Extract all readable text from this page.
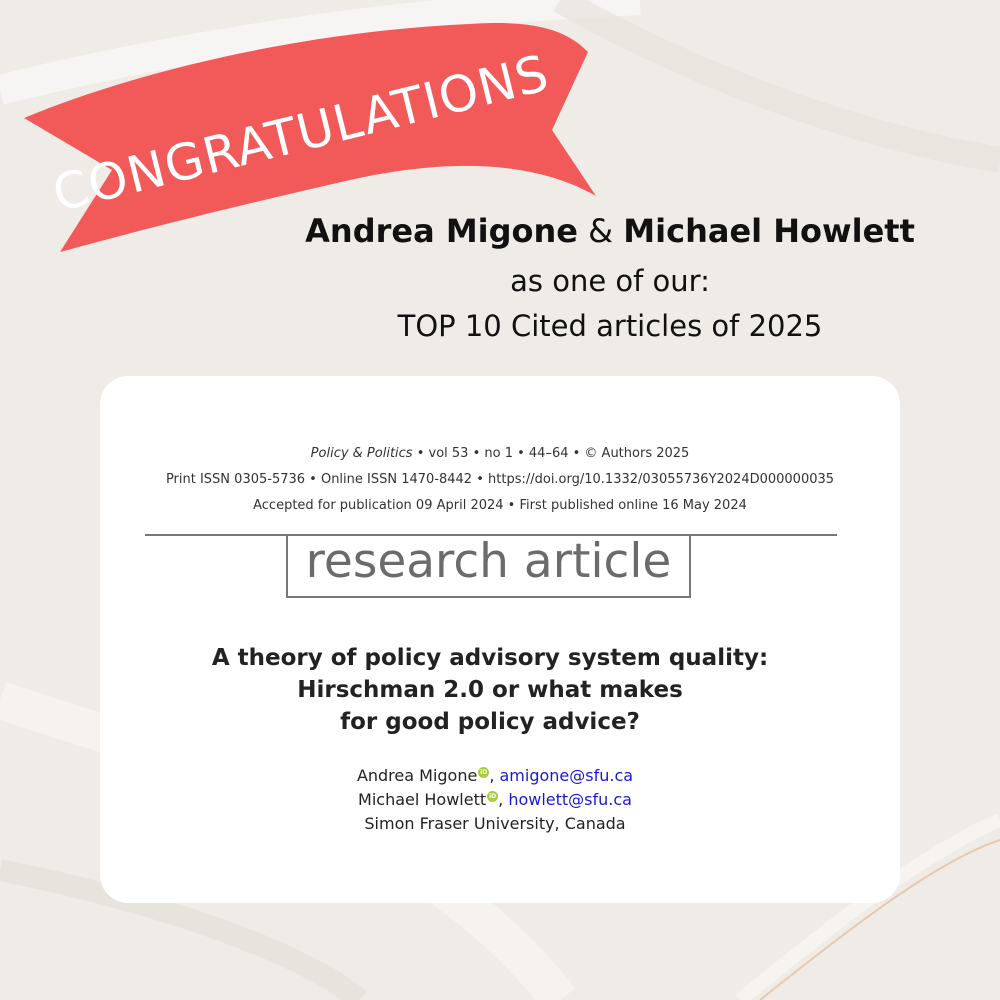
CONGRATULATIONS
Andrea Migone & Michael Howlett
as one of our:
TOP 10 Cited articles of 2025
Policy & Politics • vol 53 • no 1 • 44–64 • © Authors 2025
Print ISSN 0305-5736 • Online ISSN 1470-8442 • https://doi.org/10.1332/03055736Y2024D000000035
Accepted for publication 09 April 2024 • First published online 16 May 2024
research article
A theory of policy advisory system quality:
Hirschman 2.0 or what makes
for good policy advice?
Andrea Migone iD , amigone@sfu.ca
Michael Howlett iD , howlett@sfu.ca
Simon Fraser University, Canada
